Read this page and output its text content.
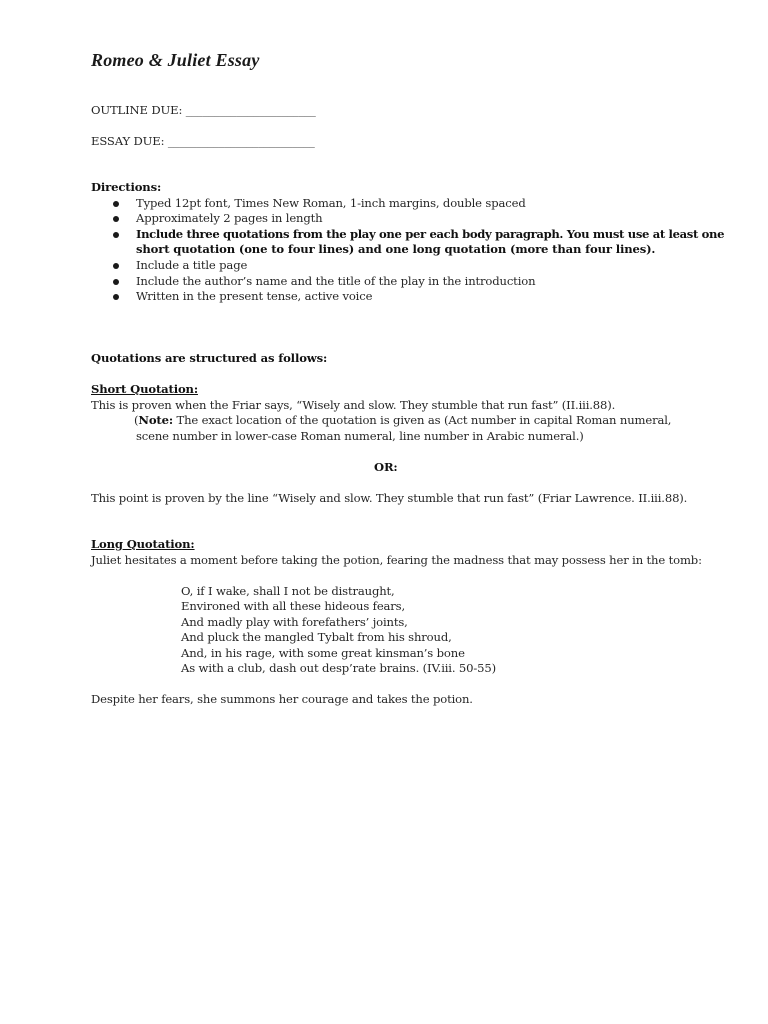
Romeo & Juliet Essay
OUTLINE DUE: _______________________
ESSAY DUE: __________________________
Directions:
Typed 12pt font, Times New Roman, 1-inch margins, double spaced
Approximately 2 pages in length
Include three quotations from the play one per each body paragraph. You must use at least one
short quotation (one to four lines) and one long quotation (more than four lines).
Include a title page
Include the author’s name and the title of the play in the introduction
Written in the present tense, active voice
Quotations are structured as follows:
Short Quotation:
This is proven when the Friar says, “Wisely and slow. They stumble that run fast” (II.iii.88).
(Note: The exact location of the quotation is given as (Act number in capital Roman numeral,
scene number in lower-case Roman numeral, line number in Arabic numeral.)
OR:
This point is proven by the line “Wisely and slow. They stumble that run fast” (Friar Lawrence. II.iii.88).
Long Quotation:
Juliet hesitates a moment before taking the potion, fearing the madness that may possess her in the tomb:
O, if I wake, shall I not be distraught,
Environed with all these hideous fears,
And madly play with forefathers’ joints,
And pluck the mangled Tybalt from his shroud,
And, in his rage, with some great kinsman’s bone
As with a club, dash out desp’rate brains. (IV.iii. 50-55)
Despite her fears, she summons her courage and takes the potion.
